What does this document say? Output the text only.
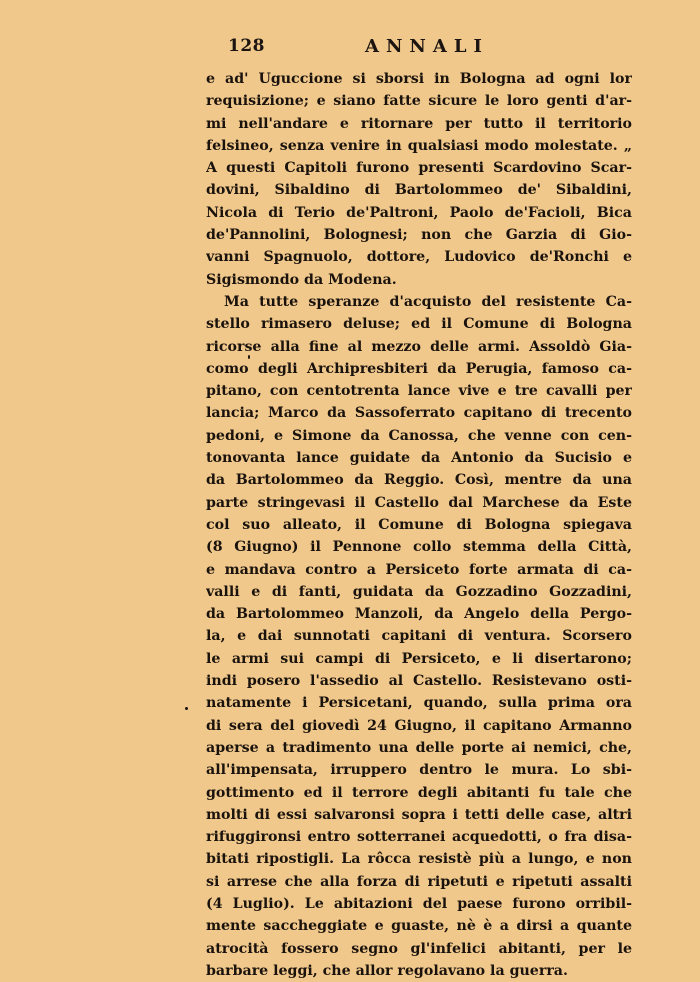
128	ANNALI
e ad' Uguccione si sborsi in Bologna ad ogni lor
requisizione; e siano fatte sicure le loro genti d'ar-
mi nell'andare e ritornare per tutto il territorio
felsineo, senza venire in qualsiasi modo molestate. „
A questi Capitoli furono presenti Scardovino Scar-
dovini, Sibaldino di Bartolommeo de' Sibaldini,
Nicola di Terio de'Paltroni, Paolo de'Facioli, Bica
de'Pannolini, Bolognesi; non che Garzia di Gio-
vanni Spagnuolo, dottore, Ludovico de'Ronchi e
Sigismondo da Modena.
Ma tutte speranze d'acquisto del resistente Ca-
stello rimasero deluse; ed il Comune di Bologna
ricorse alla fine al mezzo delle armi. Assoldò Gia-
como degli Archipresbiteri da Perugia, famoso ca-
pitano, con centotrenta lance vive e tre cavalli per
lancia; Marco da Sassoferrato capitano di trecento
pedoni, e Simone da Canossa, che venne con cen-
tonovanta lance guidate da Antonio da Sucisio e
da Bartolommeo da Reggio. Così, mentre da una
parte stringevasi il Castello dal Marchese da Este
col suo alleato, il Comune di Bologna spiegava
(8 Giugno) il Pennone collo stemma della Città,
e mandava contro a Persiceto forte armata di ca-
valli e di fanti, guidata da Gozzadino Gozzadini,
da Bartolommeo Manzoli, da Angelo della Pergo-
la, e dai sunnotati capitani di ventura. Scorsero
le armi sui campi di Persiceto, e li disertarono;
indi posero l'assedio al Castello. Resistevano osti-
natamente i Persicetani, quando, sulla prima ora
di sera del giovedì 24 Giugno, il capitano Armanno
aperse a tradimento una delle porte ai nemici, che,
all'impensata, irruppero dentro le mura. Lo sbi-
gottimento ed il terrore degli abitanti fu tale che
molti di essi salvaronsi sopra i tetti delle case, altri
rifuggironsi entro sotterranei acquedotti, o fra disa-
bitati ripostigli. La rôcca resistè più a lungo, e non
si arrese che alla forza di ripetuti e ripetuti assalti
(4 Luglio). Le abitazioni del paese furono orribil-
mente saccheggiate e guaste, nè è a dirsi a quante
atrocità fossero segno gl'infelici abitanti, per le
barbare leggi, che allor regolavano la guerra.
